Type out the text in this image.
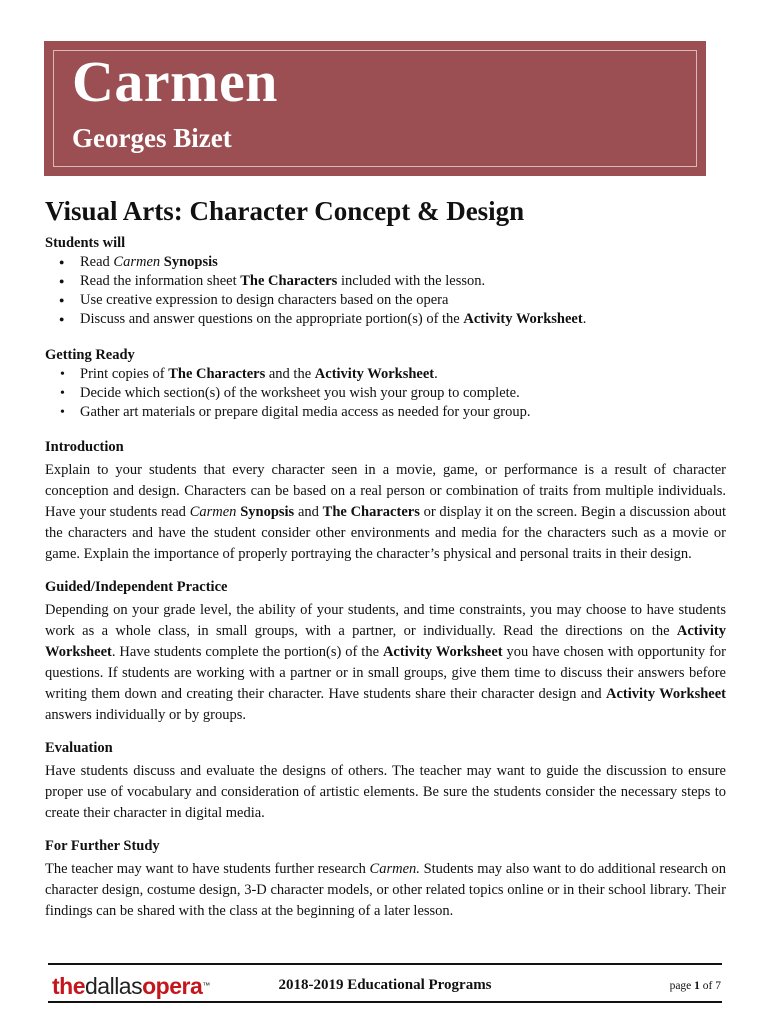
Carmen
Georges Bizet
Visual Arts: Character Concept & Design
Students will
● Read Carmen Synopsis
● Read the information sheet The Characters included with the lesson.
● Use creative expression to design characters based on the opera
● Discuss and answer questions on the appropriate portion(s) of the Activity Worksheet.
Getting Ready
• Print copies of The Characters and the Activity Worksheet.
• Decide which section(s) of the worksheet you wish your group to complete.
• Gather art materials or prepare digital media access as needed for your group.
Introduction

Explain to your students that every character seen in a movie, game, or performance is a result of character conception and design. Characters can be based on a real person or combination of traits from multiple individuals. Have your students read Carmen Synopsis and The Characters or display it on the screen. Begin a discussion about the characters and have the student consider other environments and media for the characters such as a movie or game. Explain the importance of properly portraying the character’s physical and personal traits in their design.

Guided/Independent Practice

Depending on your grade level, the ability of your students, and time constraints, you may choose to have students work as a whole class, in small groups, with a partner, or individually. Read the directions on the Activity Worksheet. Have students complete the portion(s) of the Activity Worksheet you have chosen with opportunity for questions. If students are working with a partner or in small groups, give them time to discuss their answers before writing them down and creating their character. Have students share their character design and Activity Worksheet answers individually or by groups.

Evaluation

Have students discuss and evaluate the designs of others. The teacher may want to guide the discussion to ensure proper use of vocabulary and consideration of artistic elements. Be sure the students consider the necessary steps to create their character in digital media.

For Further Study

The teacher may want to have students further research Carmen. Students may also want to do additional research on character design, costume design, 3-D character models, or other related topics online or in their school library. Their findings can be shared with the class at the beginning of a later lesson.

thedallasopera™	2018-2019 Educational Programs	page 1 of 7
